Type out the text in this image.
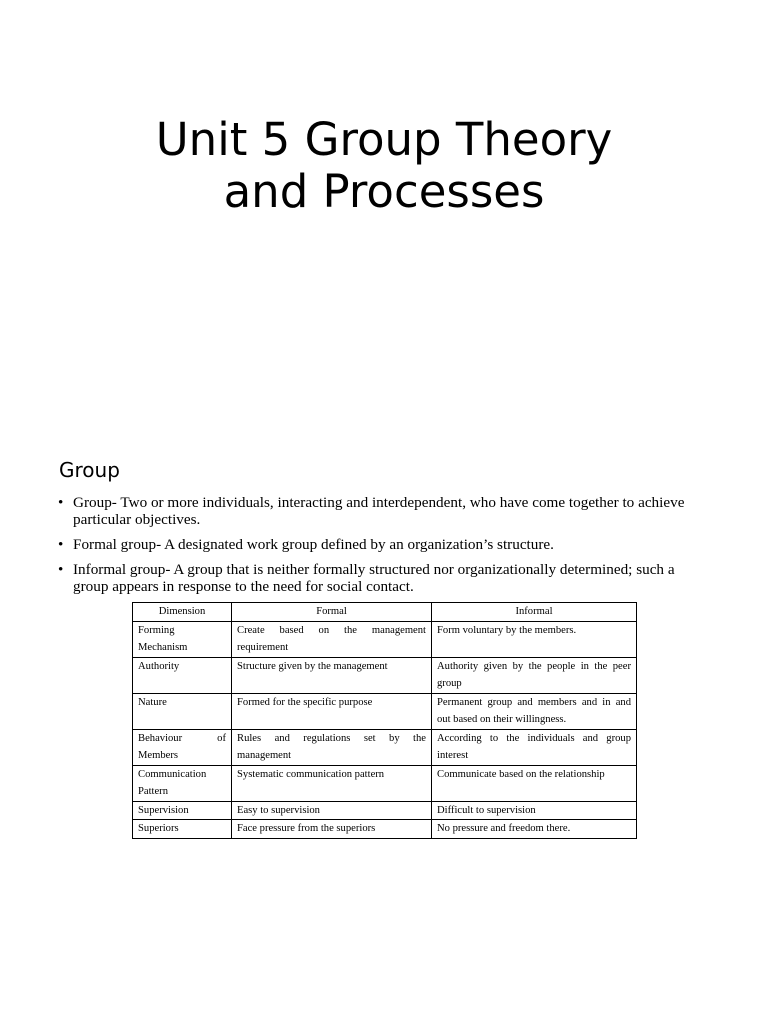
Unit 5 Group Theory
and Processes
Group
• Group- Two or more individuals, interacting and interdependent, who have come together to achieve particular objectives.
• Formal group- A designated work group defined by an organization’s structure.
• Informal group- A group that is neither formally structured nor organizationally determined; such a group appears in response to the need for social contact.
Dimension	Formal	Informal
Forming Mechanism	Create based on the management requirement	Form voluntary by the members.
Authority	Structure given by the management	Authority given by the people in the peer group
Nature	Formed for the specific purpose	Permanent group and members and in and out based on their willingness.
Behaviour of Members	Rules and regulations set by the management	According to the individuals and group interest
Communication Pattern	Systematic communication pattern	Communicate based on the relationship
Supervision	Easy to supervision	Difficult to supervision
Superiors	Face pressure from the superiors	No pressure and freedom there.
